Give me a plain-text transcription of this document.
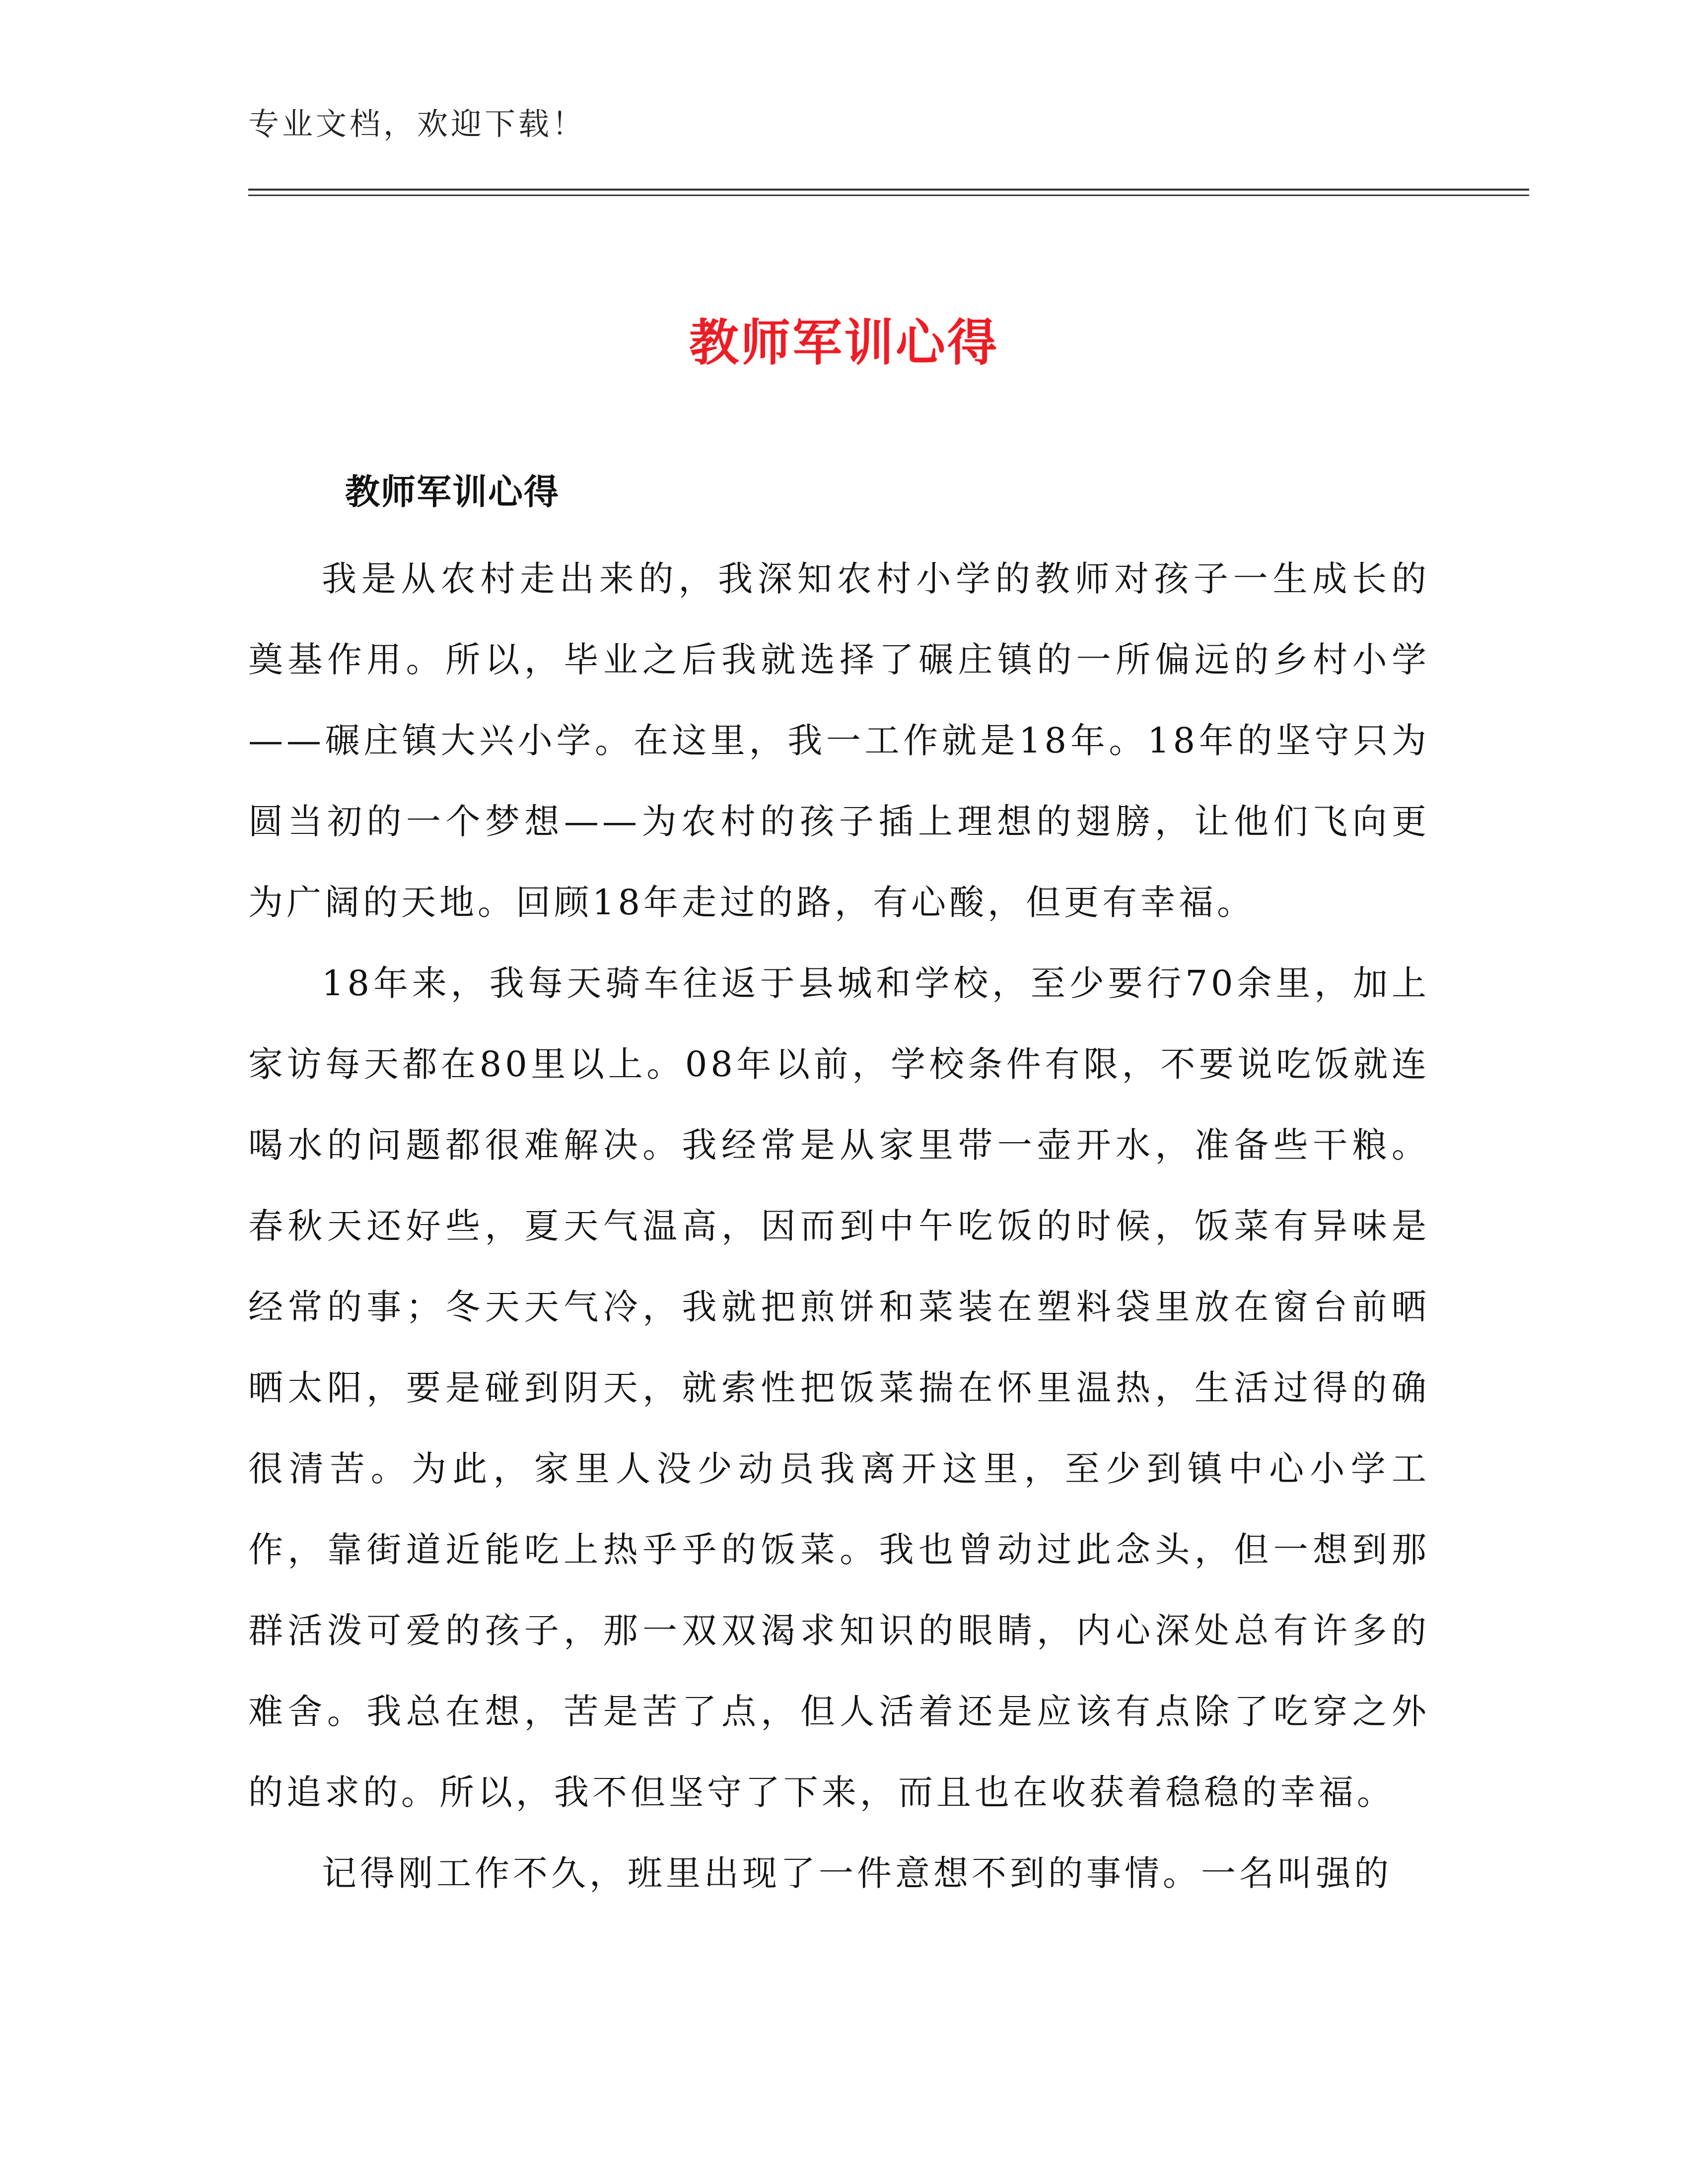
专业文档，欢迎下载！
教师军训心得
教师军训心得

我是从农村走出来的，我深知农村小学的教师对孩子一生成长的奠基作用。所以，毕业之后我就选择了碾庄镇的一所偏远的乡村小学——碾庄镇大兴小学。在这里，我一工作就是18年。18年的坚守只为圆当初的一个梦想——为农村的孩子插上理想的翅膀，让他们飞向更为广阔的天地。回顾18年走过的路，有心酸，但更有幸福。

18年来，我每天骑车往返于县城和学校，至少要行70余里，加上家访每天都在80里以上。08年以前，学校条件有限，不要说吃饭就连喝水的问题都很难解决。我经常是从家里带一壶开水，准备些干粮。春秋天还好些，夏天气温高，因而到中午吃饭的时候，饭菜有异味是经常的事；冬天天气冷，我就把煎饼和菜装在塑料袋里放在窗台前晒晒太阳，要是碰到阴天，就索性把饭菜揣在怀里温热，生活过得的确很清苦。为此，家里人没少动员我离开这里，至少到镇中心小学工作，靠街道近能吃上热乎乎的饭菜。我也曾动过此念头，但一想到那群活泼可爱的孩子，那一双双渴求知识的眼睛，内心深处总有许多的难舍。我总在想，苦是苦了点，但人活着还是应该有点除了吃穿之外的追求的。所以，我不但坚守了下来，而且也在收获着稳稳的幸福。

记得刚工作不久，班里出现了一件意想不到的事情。一名叫强的
